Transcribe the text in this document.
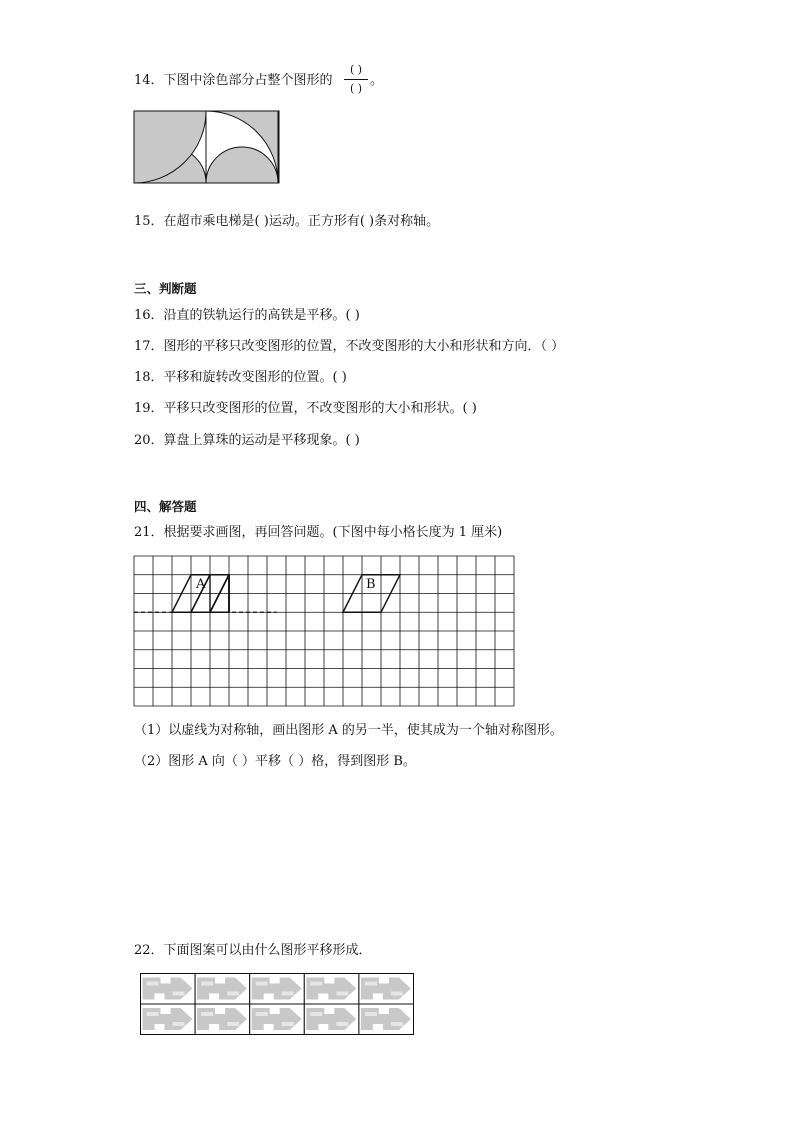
14．下图中涂色部分占整个图形的
( )
( )
。
15．在超市乘电梯是( )运动。正方形有( )条对称轴。
三、判断题
16．沿直的铁轨运行的高铁是平移。( )
17．图形的平移只改变图形的位置，不改变图形的大小和形状和方向．（ ）
18．平移和旋转改变图形的位置。( )
19．平移只改变图形的位置，不改变图形的大小和形状。( )
20．算盘上算珠的运动是平移现象。( )
四、解答题
21．根据要求画图，再回答问题。(下图中每小格长度为 1 厘米)
A	B
（1）以虚线为对称轴，画出图形 A 的另一半，使其成为一个轴对称图形。
（2）图形 A 向（ ）平移（ ）格，得到图形 B。
22．下面图案可以由什么图形平移形成．
